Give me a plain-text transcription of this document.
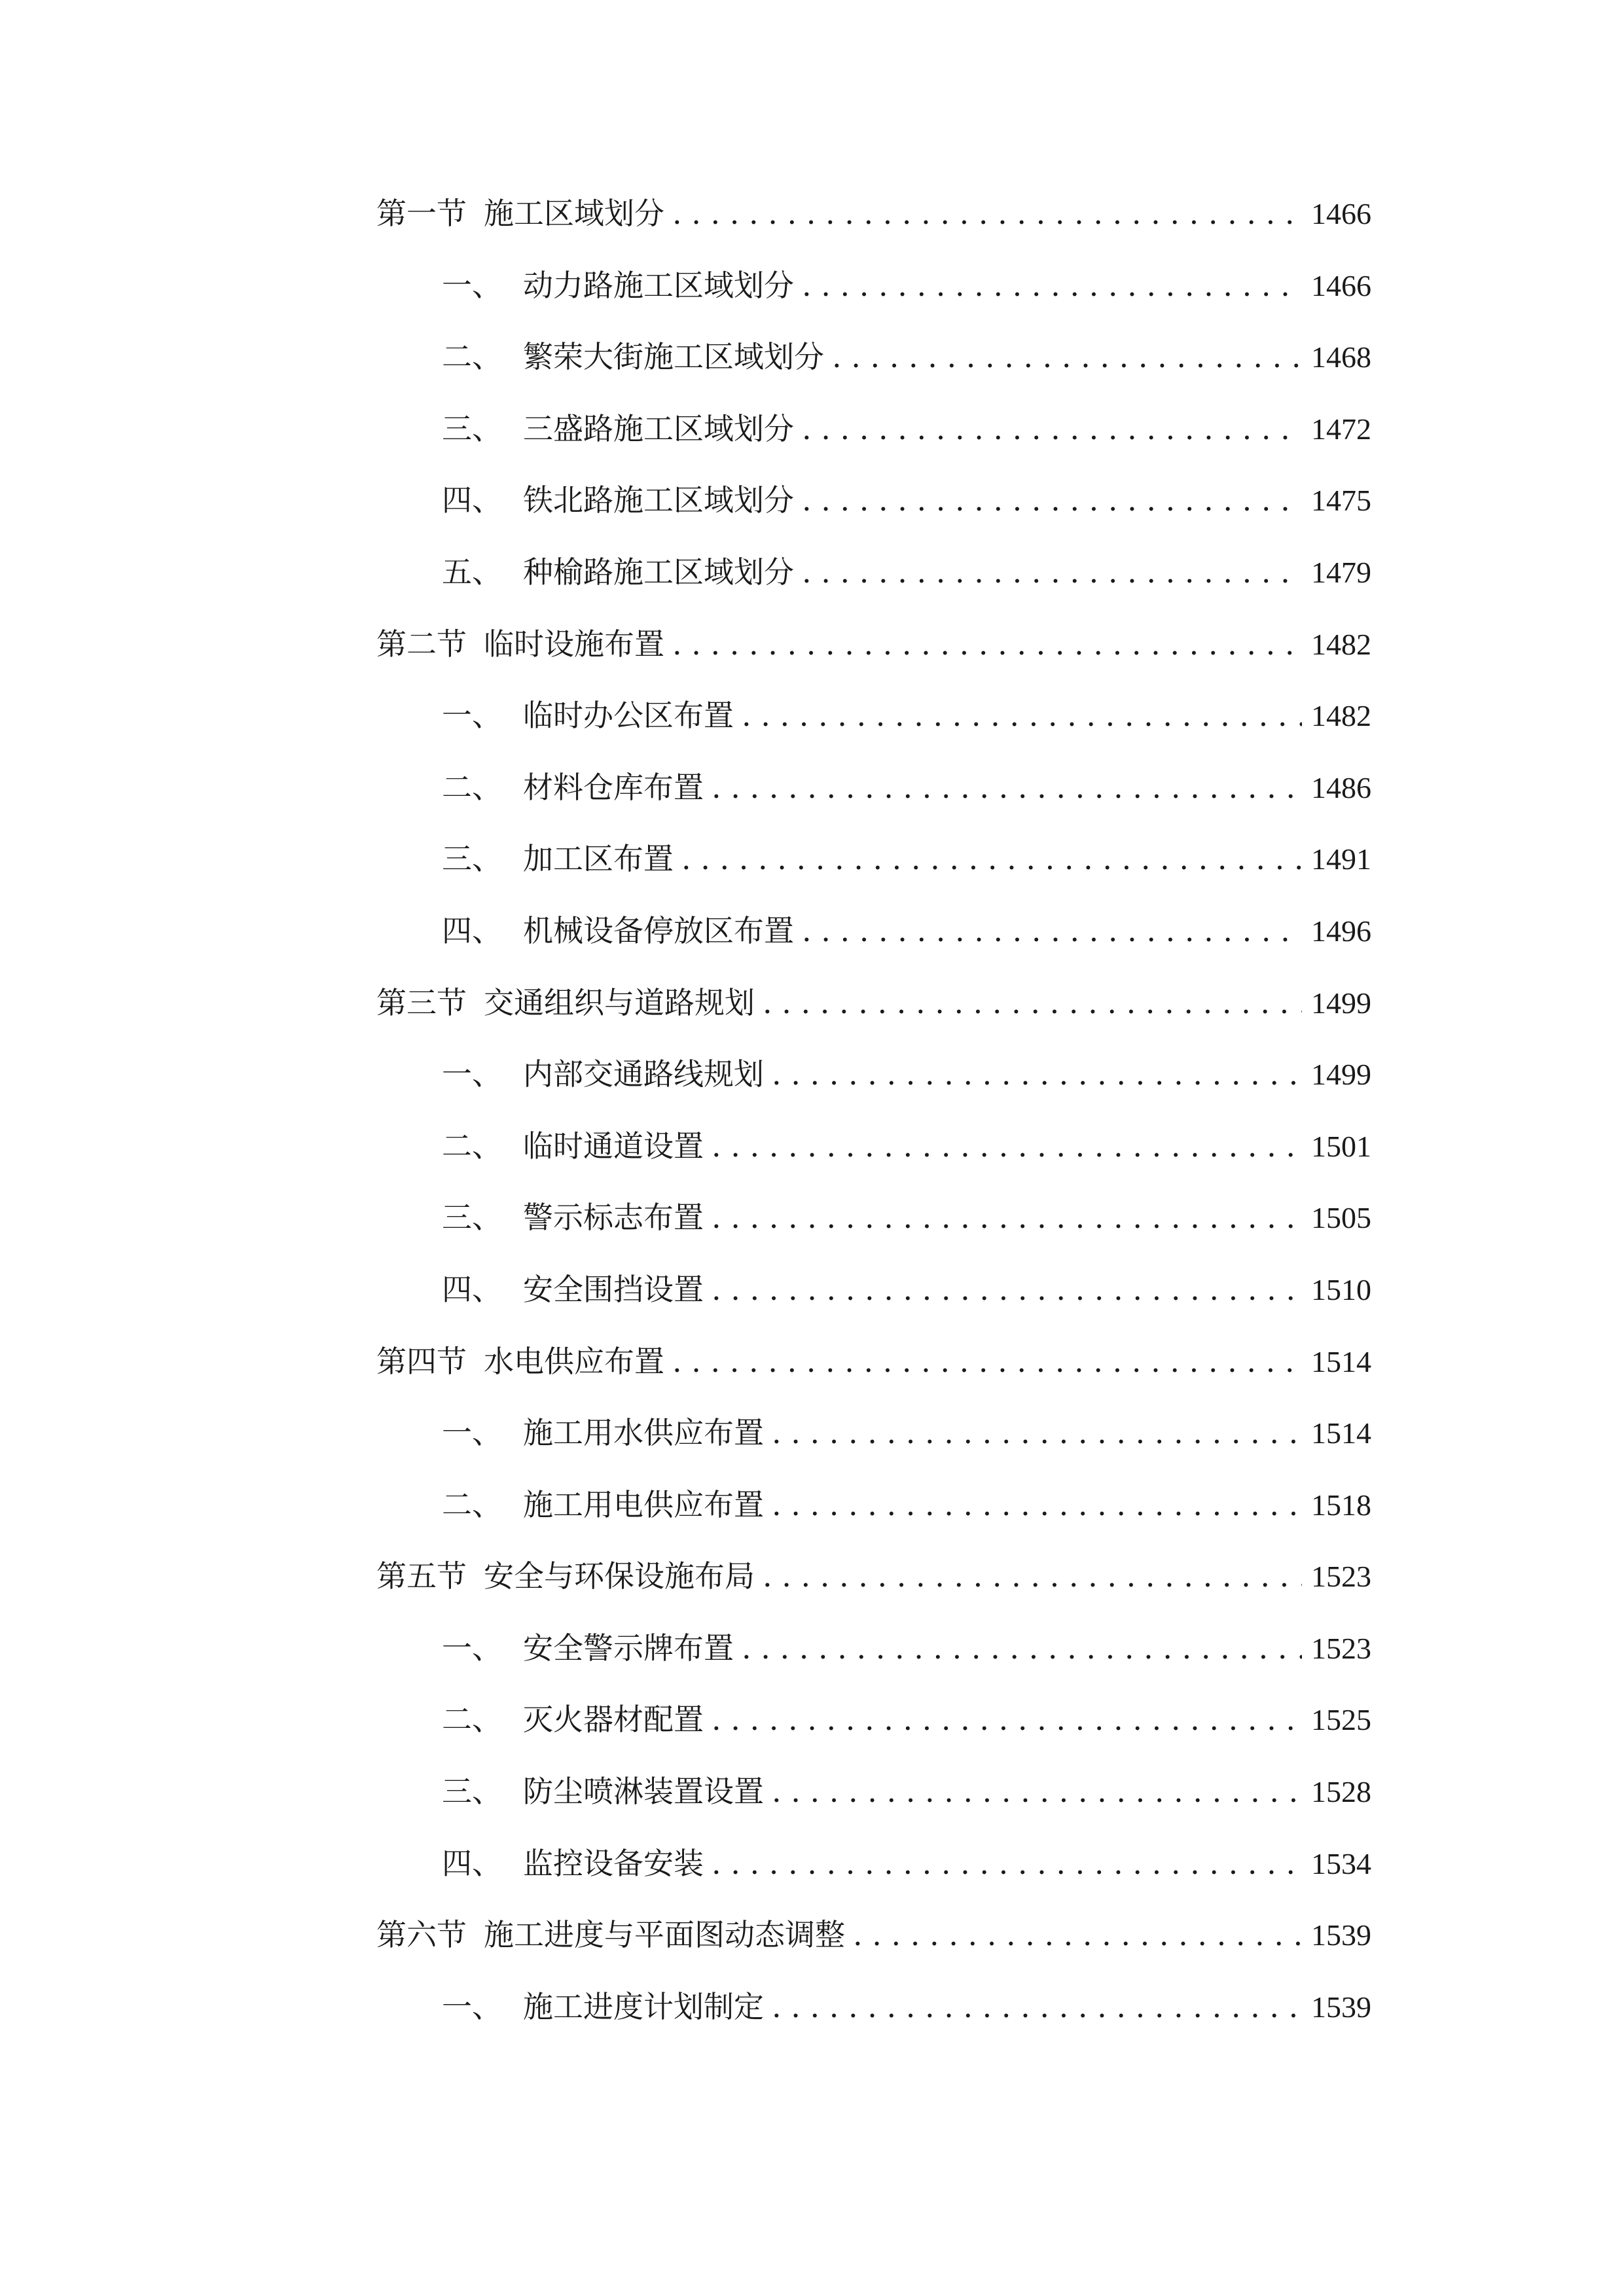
第一节 施工区域划分 . . .	1466
一、 动力路施工区域划分 . . .	1466
二、 繁荣大街施工区域划分 . . .	1468
三、 三盛路施工区域划分 . . .	1472
四、 铁北路施工区域划分 . . .	1475
五、 种榆路施工区域划分 . . .	1479
第二节 临时设施布置 . . .	1482
一、 临时办公区布置 . . .	1482
二、 材料仓库布置 . . .	1486
三、 加工区布置 . . .	1491
四、 机械设备停放区布置 . . .	1496
第三节 交通组织与道路规划 . . .	1499
一、 内部交通路线规划 . . .	1499
二、 临时通道设置 . . .	1501
三、 警示标志布置 . . .	1505
四、 安全围挡设置 . . .	1510
第四节 水电供应布置 . . .	1514
一、 施工用水供应布置 . . .	1514
二、 施工用电供应布置 . . .	1518
第五节 安全与环保设施布局 . . .	1523
一、 安全警示牌布置 . . .	1523
二、 灭火器材配置 . . .	1525
三、 防尘喷淋装置设置 . . .	1528
四、 监控设备安装 . . .	1534
第六节 施工进度与平面图动态调整 . . .	1539
一、 施工进度计划制定 . . .	1539
